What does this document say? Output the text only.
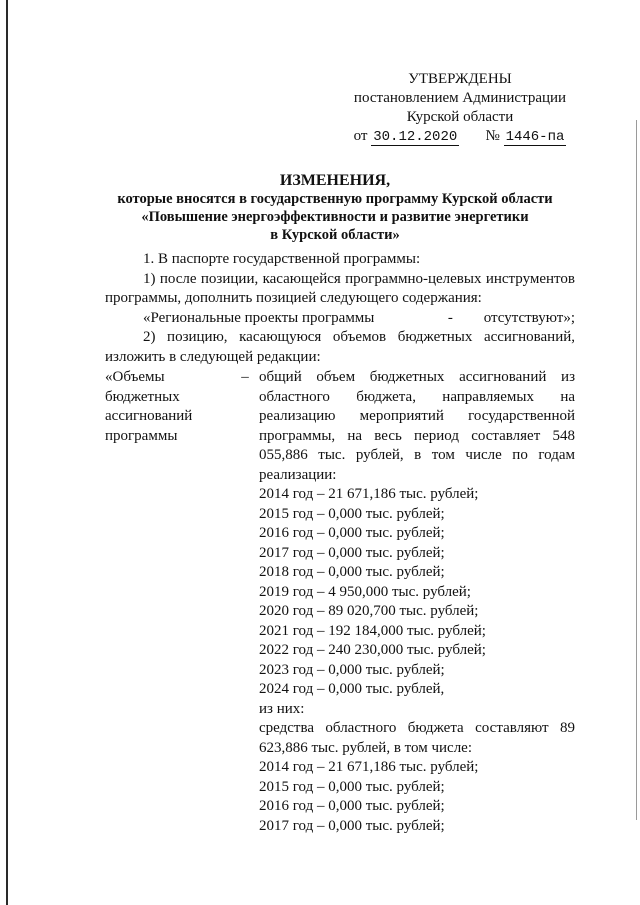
УТВЕРЖДЕНЫ
постановлением Администрации
Курской области
от 30.12.2020 № 1446-па
ИЗМЕНЕНИЯ,
которые вносятся в государственную программу Курской области
«Повышение энергоэффективности и развитие энергетики
в Курской области»
1. В паспорте государственной программы:
1) после позиции, касающейся программно-целевых инструментов программы, дополнить позицией следующего содержания:
«Региональные проекты программы	-	отсутствуют»;
2) позицию, касающуюся объемов бюджетных ассигнований, изложить в следующей редакции:
«Объемы
бюджетных
ассигнований
программы
– общий объем бюджетных ассигнований из областного бюджета, направляемых на реализацию мероприятий государственной программы, на весь период составляет 548 055,886 тыс. рублей, в том числе по годам реализации:
2014 год – 21 671,186 тыс. рублей;
2015 год – 0,000 тыс. рублей;
2016 год – 0,000 тыс. рублей;
2017 год – 0,000 тыс. рублей;
2018 год – 0,000 тыс. рублей;
2019 год – 4 950,000 тыс. рублей;
2020 год – 89 020,700 тыс. рублей;
2021 год – 192 184,000 тыс. рублей;
2022 год – 240 230,000 тыс. рублей;
2023 год – 0,000 тыс. рублей;
2024 год – 0,000 тыс. рублей,
из них:
средства областного бюджета составляют 89 623,886 тыс. рублей, в том числе:
2014 год – 21 671,186 тыс. рублей;
2015 год – 0,000 тыс. рублей;
2016 год – 0,000 тыс. рублей;
2017 год – 0,000 тыс. рублей;
